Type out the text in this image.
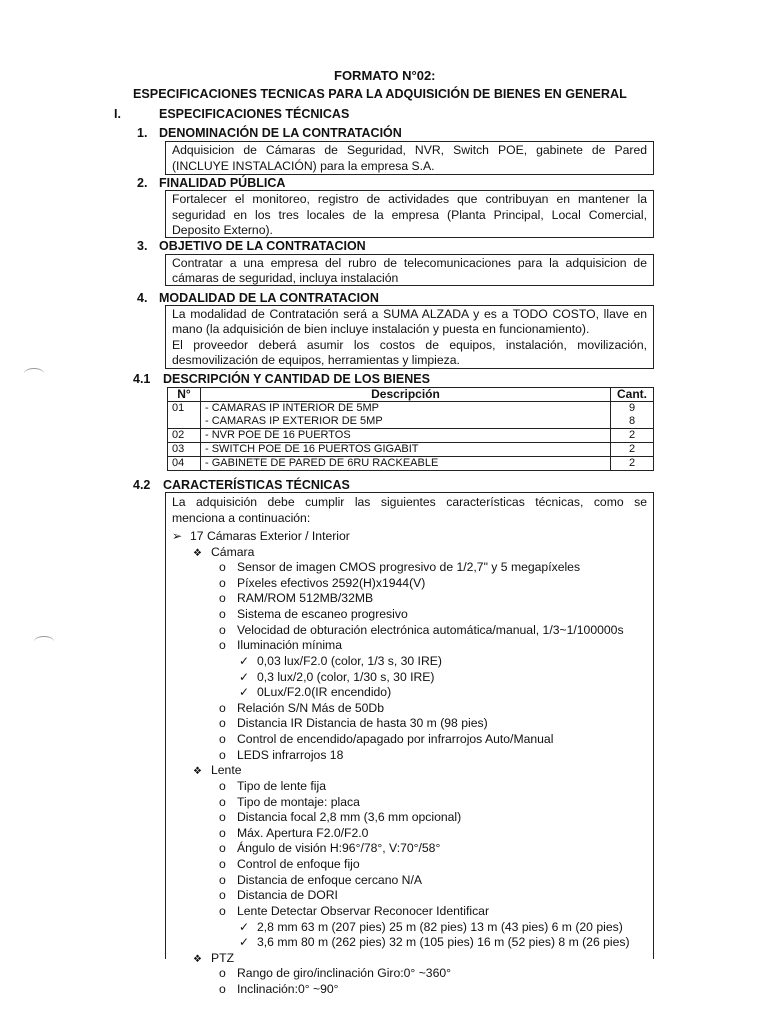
FORMATO N°02:
ESPECIFICACIONES TECNICAS PARA LA ADQUISICIÓN DE BIENES EN GENERAL
I.	ESPECIFICACIONES TÉCNICAS
1. DENOMINACIÓN DE LA CONTRATACIÓN
Adquisicion de Cámaras de Seguridad, NVR, Switch POE, gabinete de Pared
(INCLUYE INSTALACIÓN) para la empresa S.A.
2. FINALIDAD PÚBLICA
Fortalecer el monitoreo, registro de actividades que contribuyan en mantener la
seguridad en los tres locales de la empresa (Planta Principal, Local Comercial,
Deposito Externo).
3. OBJETIVO DE LA CONTRATACION
Contratar a una empresa del rubro de telecomunicaciones para la adquisicion de
cámaras de seguridad, incluya instalación
4. MODALIDAD DE LA CONTRATACION
La modalidad de Contratación será a SUMA ALZADA y es a TODO COSTO, llave en
mano (la adquisición de bien incluye instalación y puesta en funcionamiento).
El proveedor deberá asumir los costos de equipos, instalación, movilización,
desmovilización de equipos, herramientas y limpieza.
4.1 DESCRIPCIÓN Y CANTIDAD DE LOS BIENES
N°	Descripción	Cant.
01	- CAMARAS IP INTERIOR DE 5MP	9
	- CAMARAS IP EXTERIOR DE 5MP	8
02	- NVR POE DE 16 PUERTOS	2
03	- SWITCH POE DE 16 PUERTOS GIGABIT	2
04	- GABINETE DE PARED DE 6RU RACKEABLE	2
4.2 CARACTERÍSTICAS TÉCNICAS
La adquisición debe cumplir las siguientes características técnicas, como se
menciona a continuación:
➢ 17 Cámaras Exterior / Interior
❖ Cámara
o Sensor de imagen CMOS progresivo de 1/2,7" y 5 megapíxeles
o Píxeles efectivos 2592(H)x1944(V)
o RAM/ROM 512MB/32MB
o Sistema de escaneo progresivo
o Velocidad de obturación electrónica automática/manual, 1/3~1/100000s
o Iluminación mínima
✓ 0,03 lux/F2.0 (color, 1/3 s, 30 IRE)
✓ 0,3 lux/2,0 (color, 1/30 s, 30 IRE)
✓ 0Lux/F2.0(IR encendido)
o Relación S/N Más de 50Db
o Distancia IR Distancia de hasta 30 m (98 pies)
o Control de encendido/apagado por infrarrojos Auto/Manual
o LEDS infrarrojos 18
❖ Lente
o Tipo de lente fija
o Tipo de montaje: placa
o Distancia focal 2,8 mm (3,6 mm opcional)
o Máx. Apertura F2.0/F2.0
o Ángulo de visión H:96°/78°, V:70°/58°
o Control de enfoque fijo
o Distancia de enfoque cercano N/A
o Distancia de DORI
o Lente Detectar Observar Reconocer Identificar
✓ 2,8 mm 63 m (207 pies) 25 m (82 pies) 13 m (43 pies) 6 m (20 pies)
✓ 3,6 mm 80 m (262 pies) 32 m (105 pies) 16 m (52 pies) 8 m (26 pies)
❖ PTZ
o Rango de giro/inclinación Giro:0° ~360°
o Inclinación:0° ~90°
